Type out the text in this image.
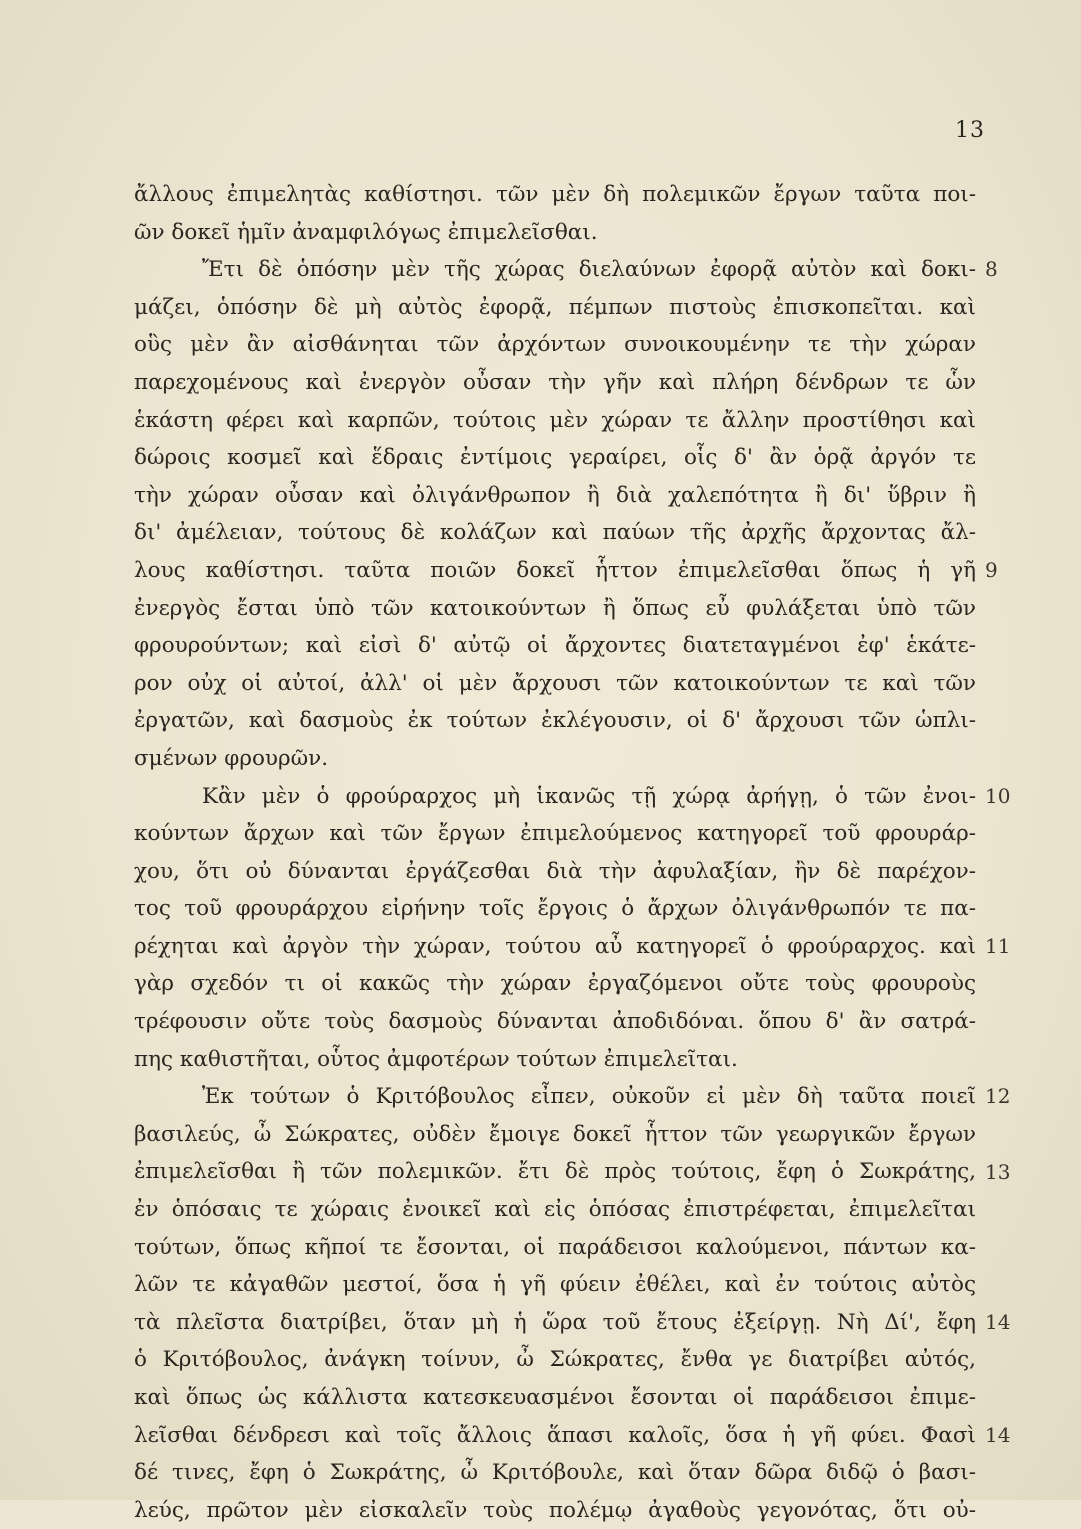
13
ἄλλους ἐπιμελητὰς καθίστησι. τῶν μὲν δὴ πολεμικῶν ἔργων ταῦτα ποι-
ῶν δοκεῖ ἡμῖν ἀναμφιλόγως ἐπιμελεῖσθαι.
Ἔτι δὲ ὁπόσην μὲν τῆς χώρας διελαύνων ἐφορᾷ αὐτὸν καὶ δοκι-
μάζει, ὁπόσην δὲ μὴ αὐτὸς ἐφορᾷ, πέμπων πιστοὺς ἐπισκοπεῖται. καὶ
οὓς μὲν ἂν αἰσθάνηται τῶν ἀρχόντων συνοικουμένην τε τὴν χώραν
παρεχομένους καὶ ἐνεργὸν οὖσαν τὴν γῆν καὶ πλήρη δένδρων τε ὧν
ἑκάστη φέρει καὶ καρπῶν, τούτοις μὲν χώραν τε ἄλλην προστίθησι καὶ
δώροις κοσμεῖ καὶ ἕδραις ἐντίμοις γεραίρει, οἷς δ' ἂν ὁρᾷ ἀργόν τε
τὴν χώραν οὖσαν καὶ ὀλιγάνθρωπον ἢ διὰ χαλεπότητα ἢ δι' ὕβριν ἢ
δι' ἀμέλειαν, τούτους δὲ κολάζων καὶ παύων τῆς ἀρχῆς ἄρχοντας ἄλ-
λους καθίστησι. ταῦτα ποιῶν δοκεῖ ἧττον ἐπιμελεῖσθαι ὅπως ἡ γῆ
ἐνεργὸς ἔσται ὑπὸ τῶν κατοικούντων ἢ ὅπως εὖ φυλάξεται ὑπὸ τῶν
φρουρούντων; καὶ εἰσὶ δ' αὐτῷ οἱ ἄρχοντες διατεταγμένοι ἐφ' ἑκάτε-
ρον οὐχ οἱ αὐτοί, ἀλλ' οἱ μὲν ἄρχουσι τῶν κατοικούντων τε καὶ τῶν
ἐργατῶν, καὶ δασμοὺς ἐκ τούτων ἐκλέγουσιν, οἱ δ' ἄρχουσι τῶν ὡπλι-
σμένων φρουρῶν.
Κἂν μὲν ὁ φρούραρχος μὴ ἱκανῶς τῇ χώρᾳ ἀρήγῃ, ὁ τῶν ἐνοι-
κούντων ἄρχων καὶ τῶν ἔργων ἐπιμελούμενος κατηγορεῖ τοῦ φρουράρ-
χου, ὅτι οὐ δύνανται ἐργάζεσθαι διὰ τὴν ἀφυλαξίαν, ἢν δὲ παρέχον-
τος τοῦ φρουράρχου εἰρήνην τοῖς ἔργοις ὁ ἄρχων ὀλιγάνθρωπόν τε πα-
ρέχηται καὶ ἀργὸν τὴν χώραν, τούτου αὖ κατηγορεῖ ὁ φρούραρχος. καὶ
γὰρ σχεδόν τι οἱ κακῶς τὴν χώραν ἐργαζόμενοι οὔτε τοὺς φρουροὺς
τρέφουσιν οὔτε τοὺς δασμοὺς δύνανται ἀποδιδόναι. ὅπου δ' ἂν σατρά-
πης καθιστῆται, οὗτος ἀμφοτέρων τούτων ἐπιμελεῖται.
Ἐκ τούτων ὁ Κριτόβουλος εἶπεν, οὐκοῦν εἰ μὲν δὴ ταῦτα ποιεῖ
βασιλεύς, ὦ Σώκρατες, οὐδὲν ἔμοιγε δοκεῖ ἧττον τῶν γεωργικῶν ἔργων
ἐπιμελεῖσθαι ἢ τῶν πολεμικῶν. ἔτι δὲ πρὸς τούτοις, ἔφη ὁ Σωκράτης,
ἐν ὁπόσαις τε χώραις ἐνοικεῖ καὶ εἰς ὁπόσας ἐπιστρέφεται, ἐπιμελεῖται
τούτων, ὅπως κῆποί τε ἔσονται, οἱ παράδεισοι καλούμενοι, πάντων κα-
λῶν τε κἀγαθῶν μεστοί, ὅσα ἡ γῆ φύειν ἐθέλει, καὶ ἐν τούτοις αὐτὸς
τὰ πλεῖστα διατρίβει, ὅταν μὴ ἡ ὥρα τοῦ ἔτους ἐξείργῃ. Νὴ Δί', ἔφη
ὁ Κριτόβουλος, ἀνάγκη τοίνυν, ὦ Σώκρατες, ἔνθα γε διατρίβει αὐτός,
καὶ ὅπως ὡς κάλλιστα κατεσκευασμένοι ἔσονται οἱ παράδεισοι ἐπιμε-
λεῖσθαι δένδρεσι καὶ τοῖς ἄλλοις ἅπασι καλοῖς, ὅσα ἡ γῆ φύει. Φασὶ
δέ τινες, ἔφη ὁ Σωκράτης, ὦ Κριτόβουλε, καὶ ὅταν δῶρα διδῷ ὁ βασι-
λεύς, πρῶτον μὲν εἰσκαλεῖν τοὺς πολέμῳ ἀγαθοὺς γεγονότας, ὅτι οὐ-
8
9
10
11
12
13
14
14
